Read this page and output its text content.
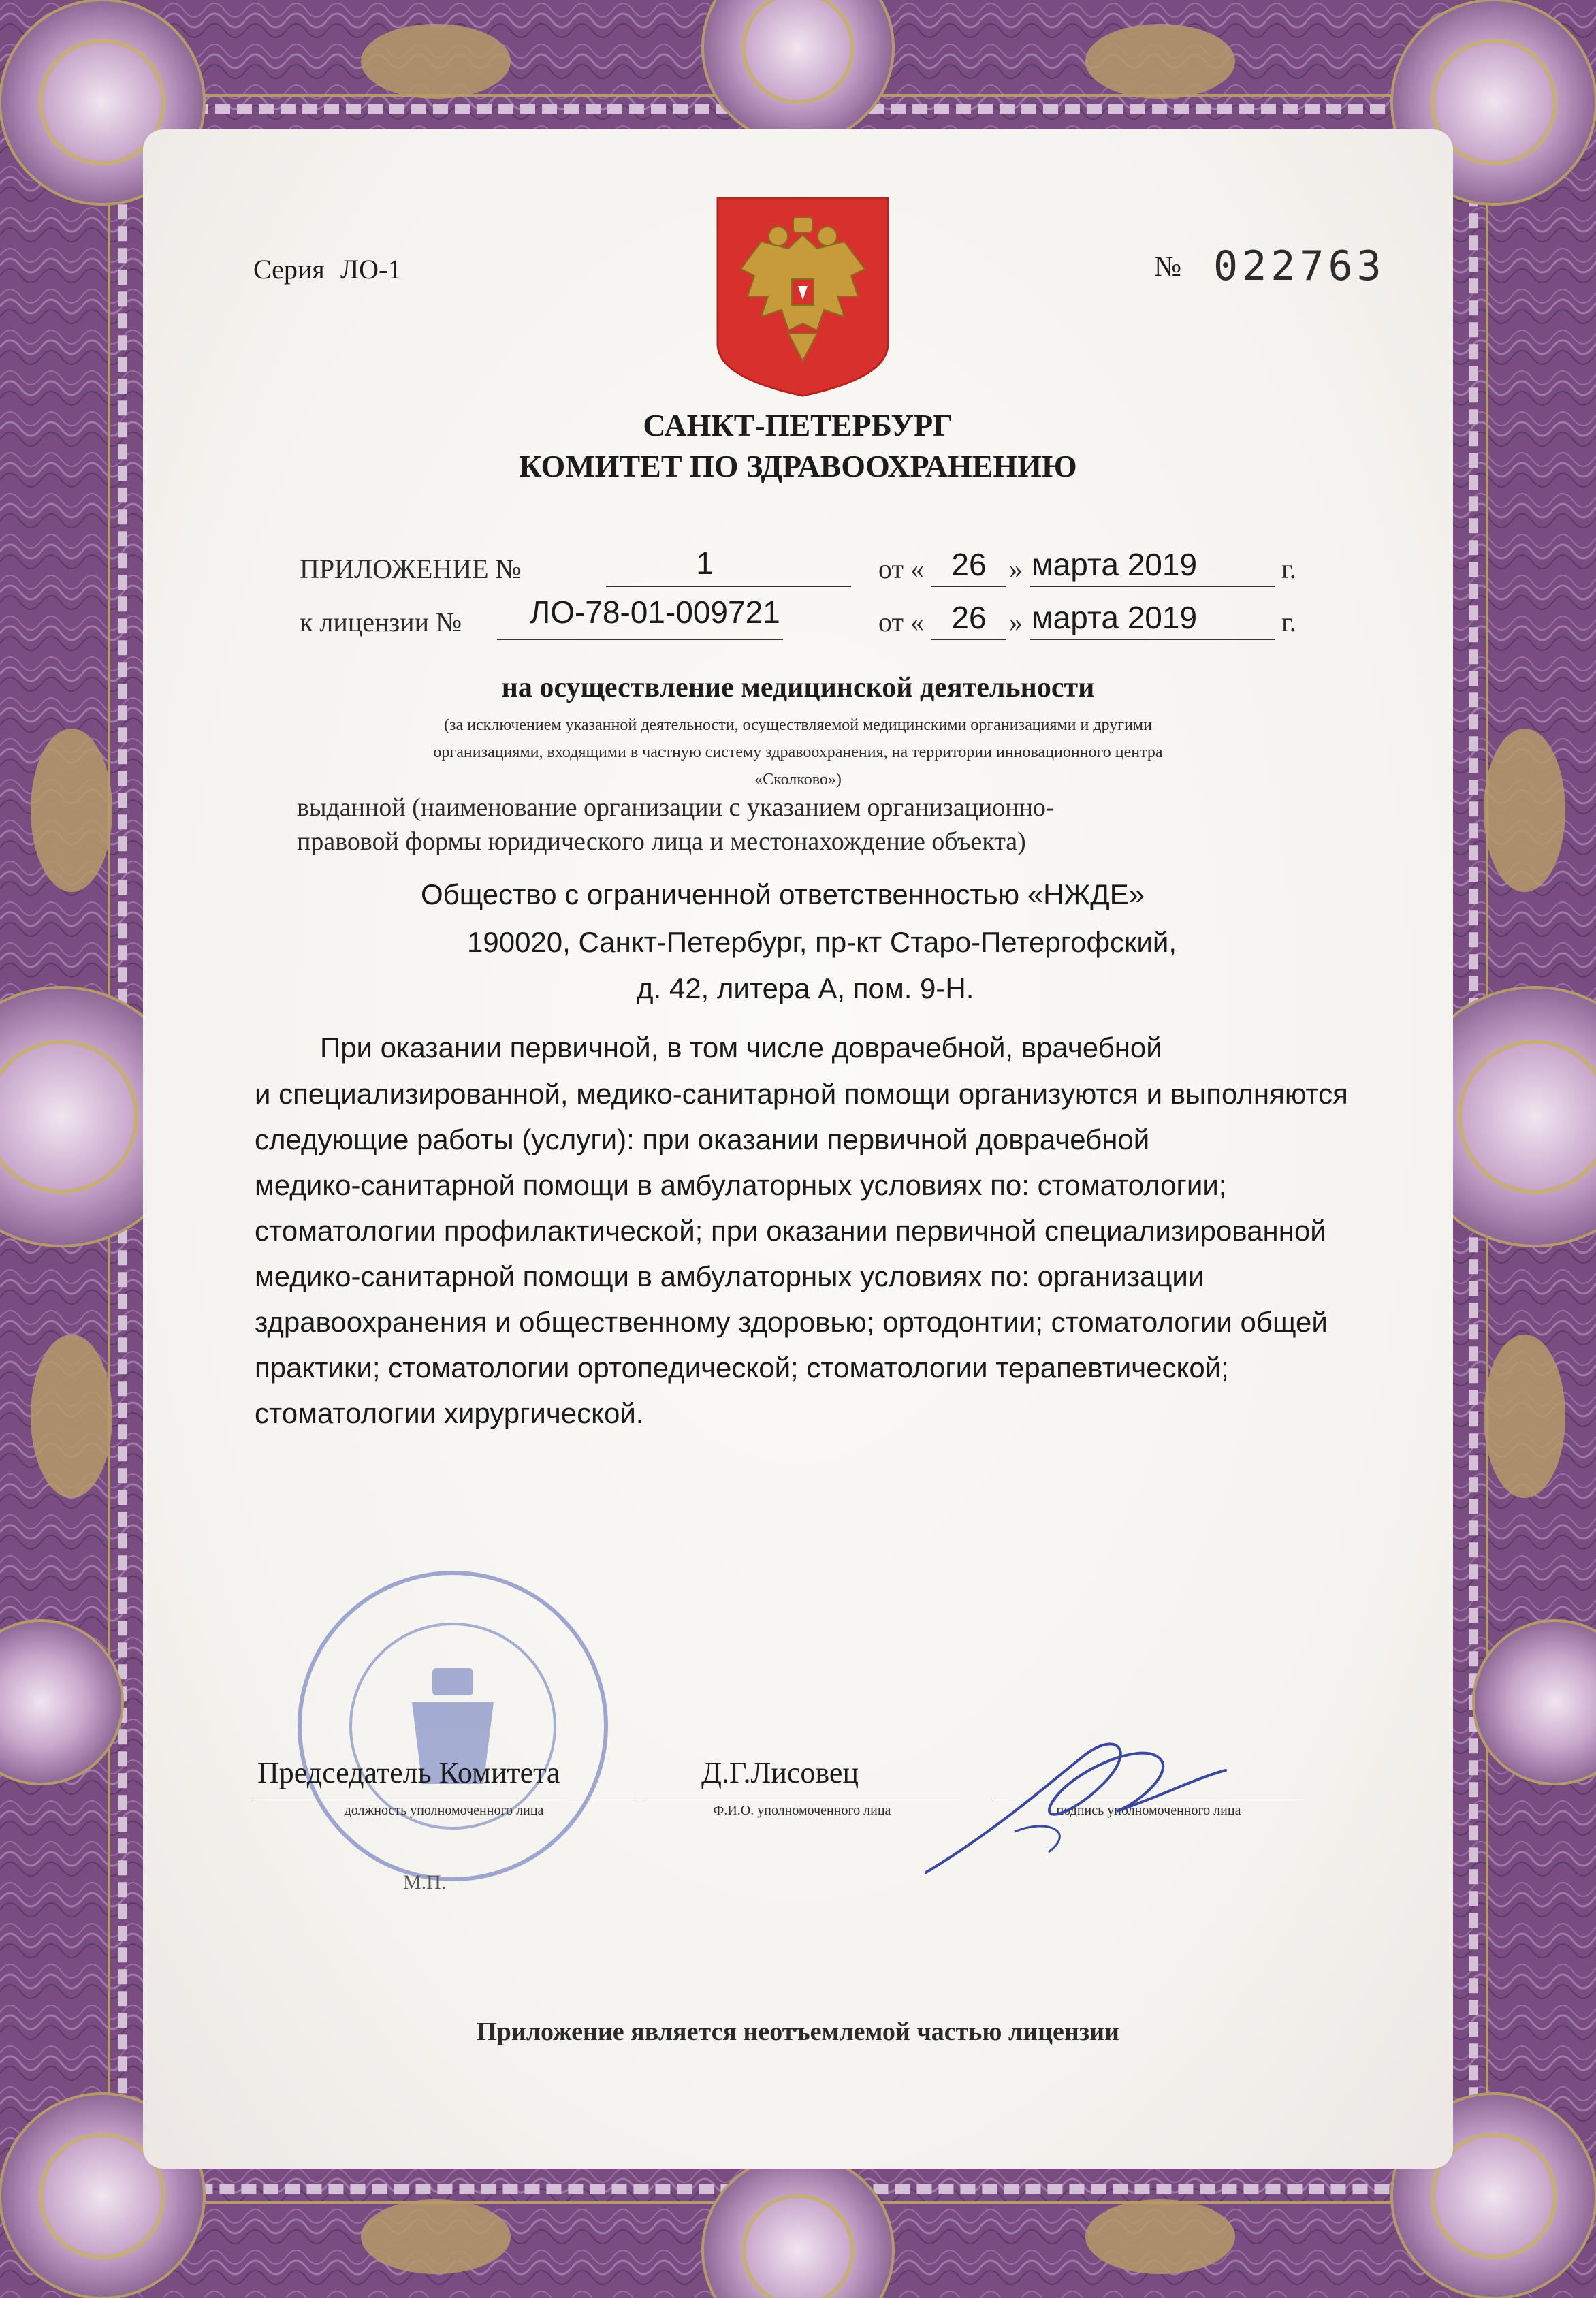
Серия ЛО-1	№ 022763
САНКТ-ПЕТЕРБУРГ
КОМИТЕТ ПО ЗДРАВООХРАНЕНИЮ
ПРИЛОЖЕНИЕ №	1	от « 26 » марта 2019	г.
к лицензии № ЛО-78-01-009721	от « 26 » марта 2019	г.
на осуществление медицинской деятельности
(за исключением указанной деятельности, осуществляемой медицинскими организациями и другими
организациями, входящими в частную систему здравоохранения, на территории инновационного центра
«Сколково»)
выданной (наименование организации с указанием организационно-
правовой формы юридического лица и местонахождение объекта)
Общество с ограниченной ответственностью «НЖДЕ»
190020, Санкт-Петербург, пр-кт Старо-Петергофский,
д. 42, литера А, пом. 9-Н.
При оказании первичной, в том числе доврачебной, врачебной
и специализированной, медико-санитарной помощи организуются и выполняются
следующие работы (услуги): при оказании первичной доврачебной
медико-санитарной помощи в амбулаторных условиях по: стоматологии;
стоматологии профилактической; при оказании первичной специализированной
медико-санитарной помощи в амбулаторных условиях по: организации
здравоохранения и общественному здоровью; ортодонтии; стоматологии общей
практики; стоматологии ортопедической; стоматологии терапевтической;
стоматологии хирургической.
Председатель Комитета	Д.Г.Лисовец
должность уполномоченного лица	Ф.И.О. уполномоченного лица	подпись уполномоченного лица
М.П.
Приложение является неотъемлемой частью лицензии
